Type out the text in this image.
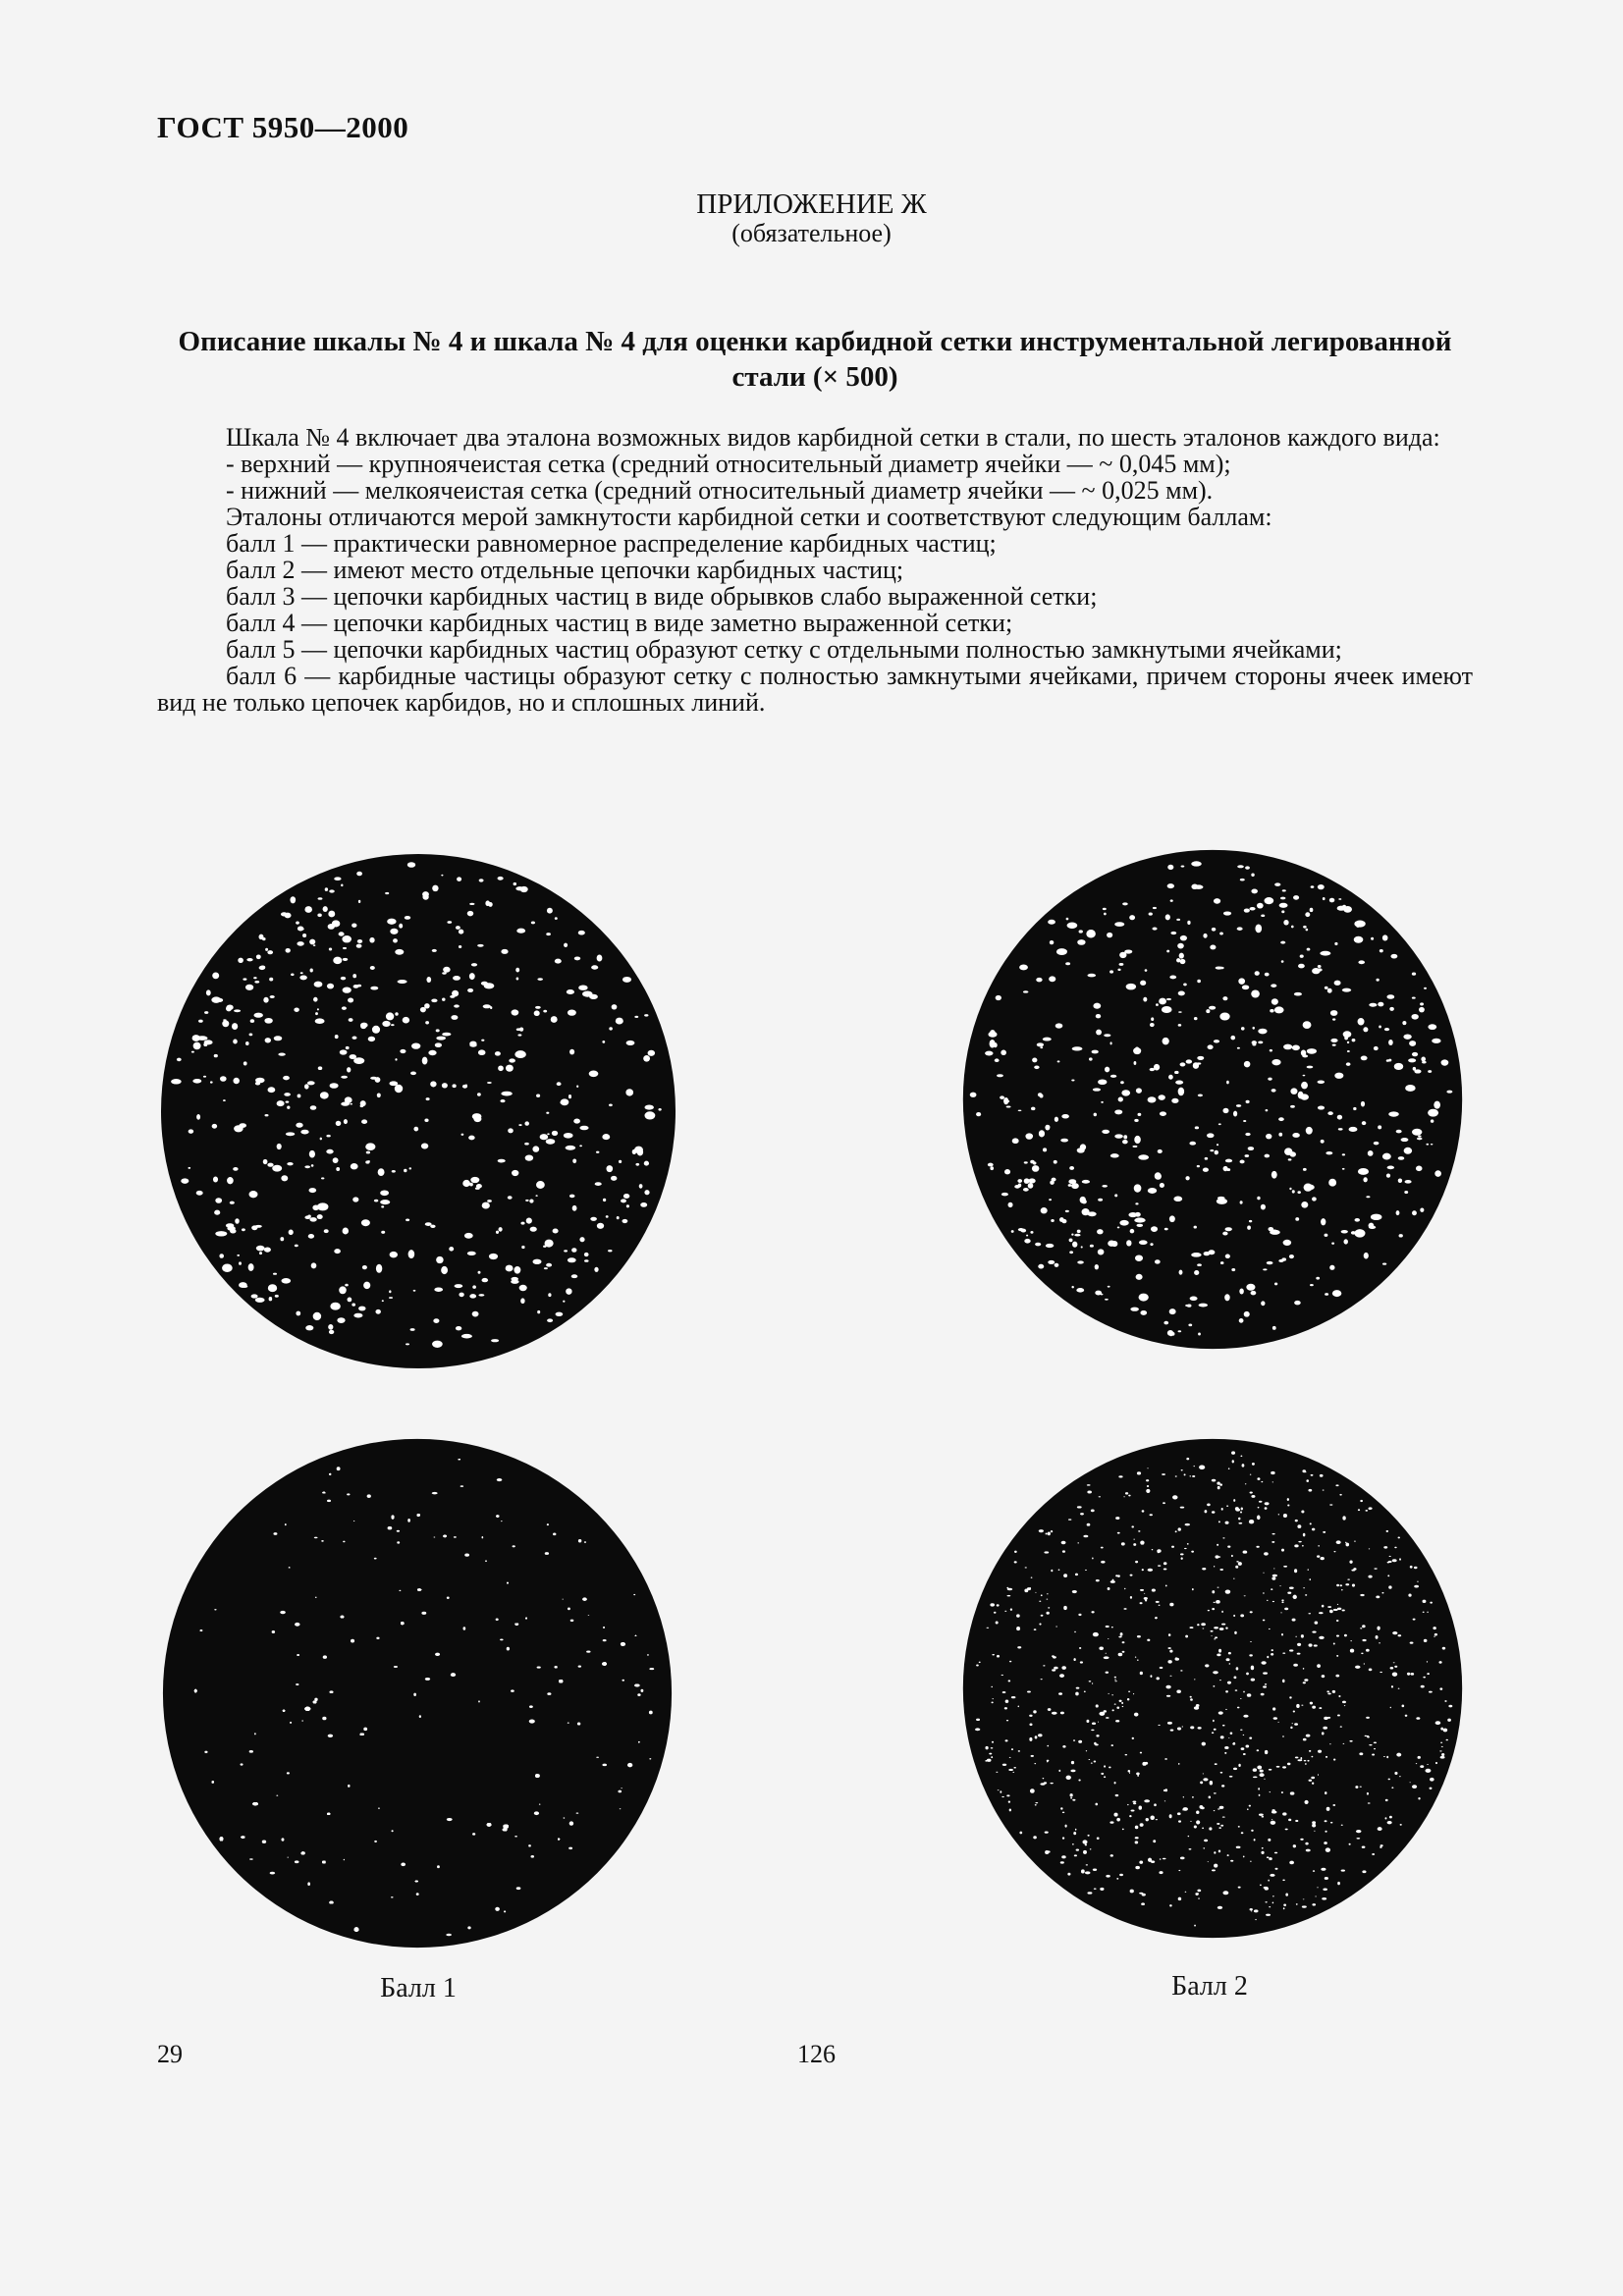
ГОСТ 5950—2000
ПРИЛОЖЕНИЕ Ж
(обязательное)
Описание шкалы № 4 и шкала № 4 для оценки карбидной сетки инструментальной легированной стали (× 500)

Шкала № 4 включает два эталона возможных видов карбидной сетки в стали, по шесть эталонов каждого вида:

- верхний — крупноячеистая сетка (средний относительный диаметр ячейки — ~ 0,045 мм);

- нижний — мелкоячеистая сетка (средний относительный диаметр ячейки — ~ 0,025 мм).

Эталоны отличаются мерой замкнутости карбидной сетки и соответствуют следующим баллам:

балл 1 — практически равномерное распределение карбидных частиц;

балл 2 — имеют место отдельные цепочки карбидных частиц;

балл 3 — цепочки карбидных частиц в виде обрывков слабо выраженной сетки;

балл 4 — цепочки карбидных частиц в виде заметно выраженной сетки;

балл 5 — цепочки карбидных частиц образуют сетку с отдельными полностью замкнутыми ячейками;

балл 6 — карбидные частицы образуют сетку с полностью замкнутыми ячейками, причем стороны ячеек имеют вид не только цепочек карбидов, но и сплошных линий.

Балл 1	Балл 2
29	126
